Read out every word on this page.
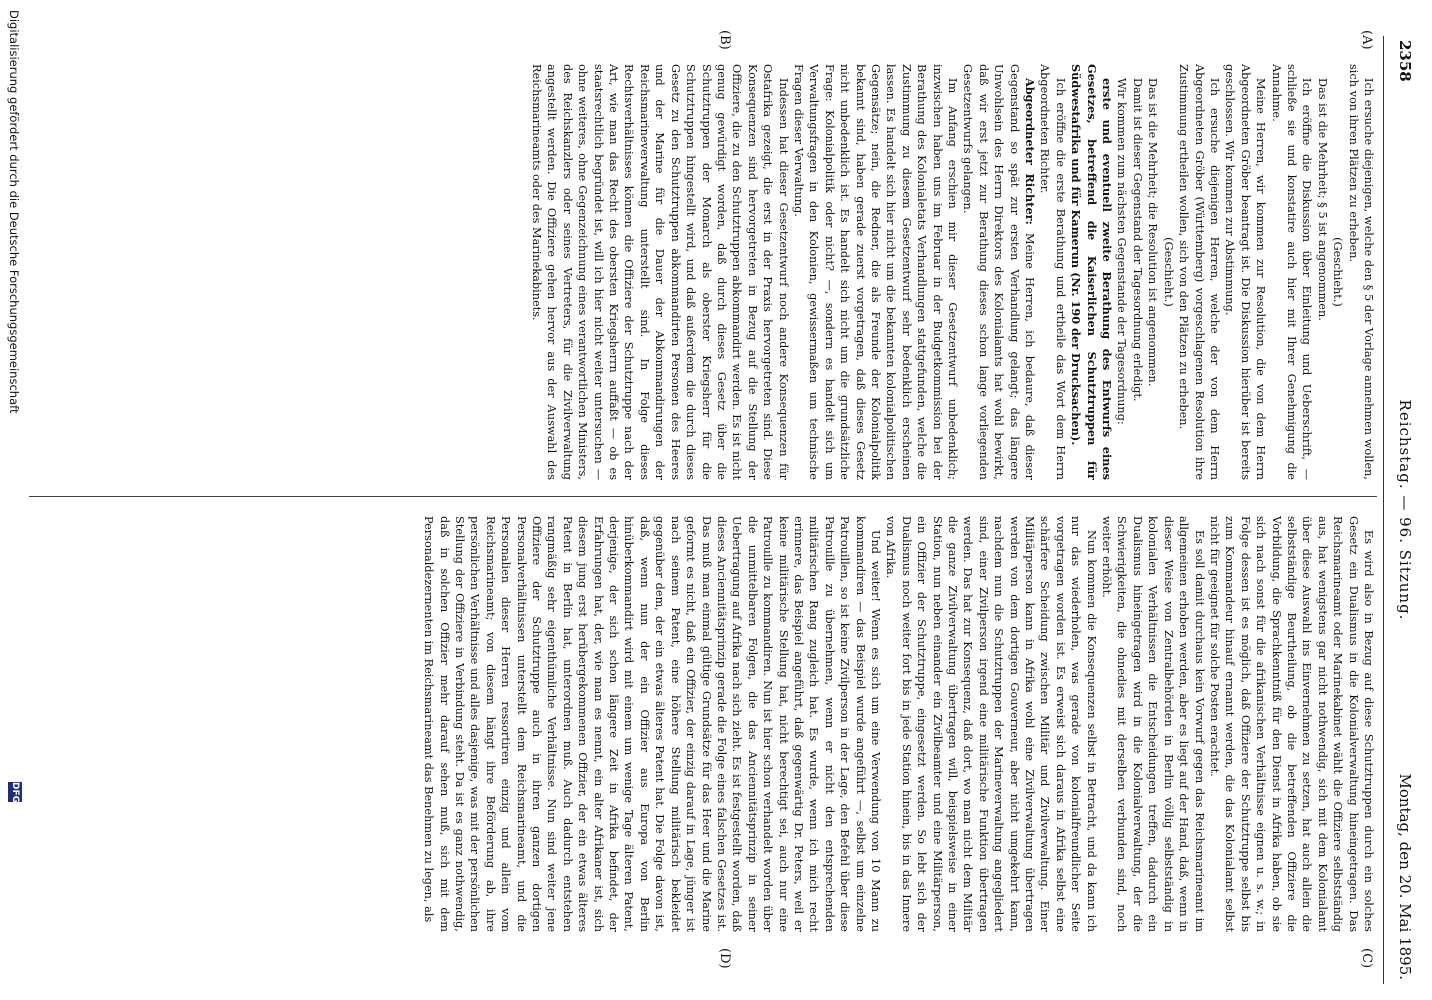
2358
Reichstag. — 96. Sitzung.
Montag, den 20. Mai 1895.
(A)
(B)
(C)
(D)

Ich ersuche diejenigen, welche den § 5 der Vorlage annehmen wollen, sich von ihren Plätzen zu erheben.

(Geschieht.)

Das ist die Mehrheit; § 5 ist angenommen.

Ich eröffne die Diskussion über Einleitung und Ueberschrift, — schließe sie und konstatire auch hier mit Ihrer Genehmigung die Annahme.

Meine Herren, wir kommen zur Resolution, die von dem Herrn Abgeordneten Gröber beantragt ist. Die Diskussion hierüber ist bereits geschlossen. Wir kommen zur Abstimmung.

Ich ersuche diejenigen Herren, welche der von dem Herrn Abgeordneten Gröber (Württemberg) vorgeschlagenen Resolution ihre Zustimmung ertheilen wollen, sich von den Plätzen zu erheben.

(Geschieht.)

Das ist die Mehrheit; die Resolution ist angenommen.

Damit ist dieser Gegenstand der Tagesordnung erledigt.

Wir kommen zum nächsten Gegenstande der Tagesordnung:

erste und eventuell zweite Berathung des Entwurfs eines Gesetzes, betreffend die Kaiserlichen Schutztruppen für Südwestafrika und für Kamerun (Nr. 190 der Drucksachen).

Ich eröffne die erste Berathung und ertheile das Wort dem Herrn Abgeordneten Richter.

Abgeordneter Richter: Meine Herren, ich bedaure, daß dieser Gegenstand so spät zur ersten Verhandlung gelangt; das längere Unwohlsein des Herrn Direktors des Kolonialamts hat wohl bewirkt, daß wir erst jetzt zur Berathung dieses schon lange vorliegenden Gesetzentwurfs gelangen.

Im Anfang erschien mir dieser Gesetzentwurf unbedenklich; inzwischen haben uns im Februar in der Budgetkommission bei der Berathung des Kolonialetats Verhandlungen stattgefunden, welche die Zustimmung zu diesem Gesetzentwurf sehr bedenklich erscheinen lassen. Es handelt sich hier nicht um die bekannten kolonialpolitischen Gegensätze; nein, die Redner, die als Freunde der Kolonialpolitik bekannt sind, haben gerade zuerst vorgetragen, daß dieses Gesetz nicht unbedenklich ist. Es handelt sich nicht um die grundsätzliche Frage: Kolonialpolitik oder nicht? —, sondern es handelt sich um Verwaltungsfragen in den Kolonien, gewissermaßen um technische Fragen dieser Verwaltung.

Indessen hat dieser Gesetzentwurf noch andere Konsequenzen für Ostafrika gezeigt, die erst in der Praxis hervorgetreten sind. Diese Konsequenzen sind hervorgetreten in Bezug auf die Stellung der Offiziere, die zu den Schutztruppen abkommandirt werden. Es ist nicht genug gewürdigt worden, daß durch dieses Gesetz über die Schutztruppen der Monarch als oberster Kriegsherr für die Schutztruppen hingestellt wird, und daß außerdem die durch dieses Gesetz zu den Schutztruppen abkommandirten Personen des Heeres und der Marine für die Dauer der Abkommandirungen der Reichsmarineverwaltung unterstellt sind. In Folge dieses Rechtsverhältnisses können die Offiziere der Schutztruppe nach der Art, wie man das Recht des obersten Kriegsherrn auffaßt — ob es staatsrechtlich begründet ist, will ich hier nicht weiter untersuchen — ohne weiteres, ohne Gegenzeichnung eines verantwortlichen Ministers, des Reichskanzlers oder seines Vertreters, für die Zivilverwaltung angestellt werden. Die Offiziere gehen hervor aus der Auswahl des Reichsmarineamts oder des Marinekabinets.

Es wird also in Bezug auf diese Schutztruppen durch ein solches Gesetz ein Dualismus in die Kolonialverwaltung hineingetragen. Das Reichsmarineamt oder Marinekabinet wählt die Offiziere selbstständig aus, hat wenigstens gar nicht nothwendig, sich mit dem Kolonialamt über diese Auswahl ins Einvernehmen zu setzen, hat auch allein die selbstständige Beurtheilung, ob die betreffenden Offiziere die Vorbildung, die Sprachkenntniß für den Dienst in Afrika haben, ob sie sich nach sonst für die afrikanischen Verhältnisse eignen u. s. w.; in Folge dessen ist es möglich, daß Offiziere der Schutztruppe selbst bis zum Kommandeur hinauf ernannt werden, die das Kolonialamt selbst nicht für geeignet für solche Posten erachtet.

Es soll damit durchaus kein Vorwurf gegen das Reichsmarineamt im allgemeinen erhoben werden, aber es liegt auf der Hand, daß, wenn in dieser Weise von Zentralbehörden in Berlin völlig selbstständig in kolonialen Verhältnissen die Entscheidungen treffen, dadurch ein Dualismus hineingetragen wird in die Kolonialverwaltung, der die Schwierigkeiten, die ohnedies mit derselben verbunden sind, noch weiter erhöht.

Nun kommen die Konsequenzen selbst in Betracht, und da kann ich nur das wiederholen, was gerade von kolonialfreundlicher Seite vorgetragen worden ist. Es erweist sich daraus in Afrika selbst eine schärfere Scheidung zwischen Militär und Zivilverwaltung. Einer Militärperson kann in Afrika wohl eine Zivilverwaltung übertragen werden von dem dortigen Gouverneur, aber nicht umgekehrt kann, nachdem nun die Schutztruppen der Marineverwaltung angegliedert sind, einer Zivilperson irgend eine militärische Funktion übertragen werden. Das hat zur Konsequenz, daß dort, wo man nicht dem Militär die ganze Zivilverwaltung übertragen will, beispielsweise in einer Station, nun neben einander ein Zivilbeamter und eine Militärperson, ein Offizier der Schutztruppe, eingesetzt werden. So lebt sich der Dualismus noch weiter fort bis in jede Station hinein, bis in das Innere von Afrika.

Und weiter! Wenn es sich um eine Verwendung von 10 Mann zu kommandiren — das Beispiel wurde angeführt —, selbst um einzelne Patrouillen, so ist keine Zivilperson in der Lage, den Befehl über diese Patrouille zu übernehmen, wenn er nicht den entsprechenden militärischen Rang zugleich hat. Es wurde, wenn ich mich recht erinnere, das Beispiel angeführt, daß gegenwärtig Dr. Peters, weil er keine militärische Stellung hat, nicht berechtigt sei, auch nur eine Patrouille zu kommandiren. Nun ist hier schon verhandelt worden über die unmittelbaren Folgen, die das Anciennitätsprinzip in seiner Uebertragung auf Afrika nach sich zieht. Es ist festgestellt worden, daß dieses Anciennitätsprinzip gerade die Folge eines falschen Gesetzes ist. Das muß man einmal gültige Grundsätze für das Heer und die Marine geformt es nicht, daß ein Offizier, der einzig darauf in Lage, jünger ist nach seinem Patent, eine höhere Stellung militärisch bekleidet gegenüber dem, der ein etwas älteres Patent hat. Die Folge davon ist, daß, wenn nun der ein Offizier aus Europa von Berlin hinüberkommandirt wird mit einem um wenige Tage älteren Patent, derjenige, der sich schon längere Zeit in Afrika befindet, der Erfahrungen hat, der, wie man es nennt, ein alter Afrikaner ist, sich diesem jung erst herübergekommenen Offizier, der ein etwas älteres Patent in Berlin hat, unterordnen muß. Auch dadurch entstehen rangmäßig sehr eigenthümliche Verhältnisse. Nun sind weiter jene Offiziere der Schutztruppe auch in ihren ganzen dortigen Personalverhältnissen unterstellt dem Reichsmarineamt, und die Personalien dieser Herren ressortiren einzig und allein vom Reichsmarineamt; von diesem hängt ihre Beförderung ab, ihre persönlichen Verhältnisse und alles dasjenige, was mit der persönlichen Stellung der Offiziere in Verbindung steht. Da ist es ganz nothwendig, daß in solchen Offizier mehr darauf sehen muß, sich mit dem Personaldezernenten im Reichsmarineamt das Benehmen zu legen, als

Digitalisierung gefördert durch die Deutsche Forschungsgemeinschaft
DFG
